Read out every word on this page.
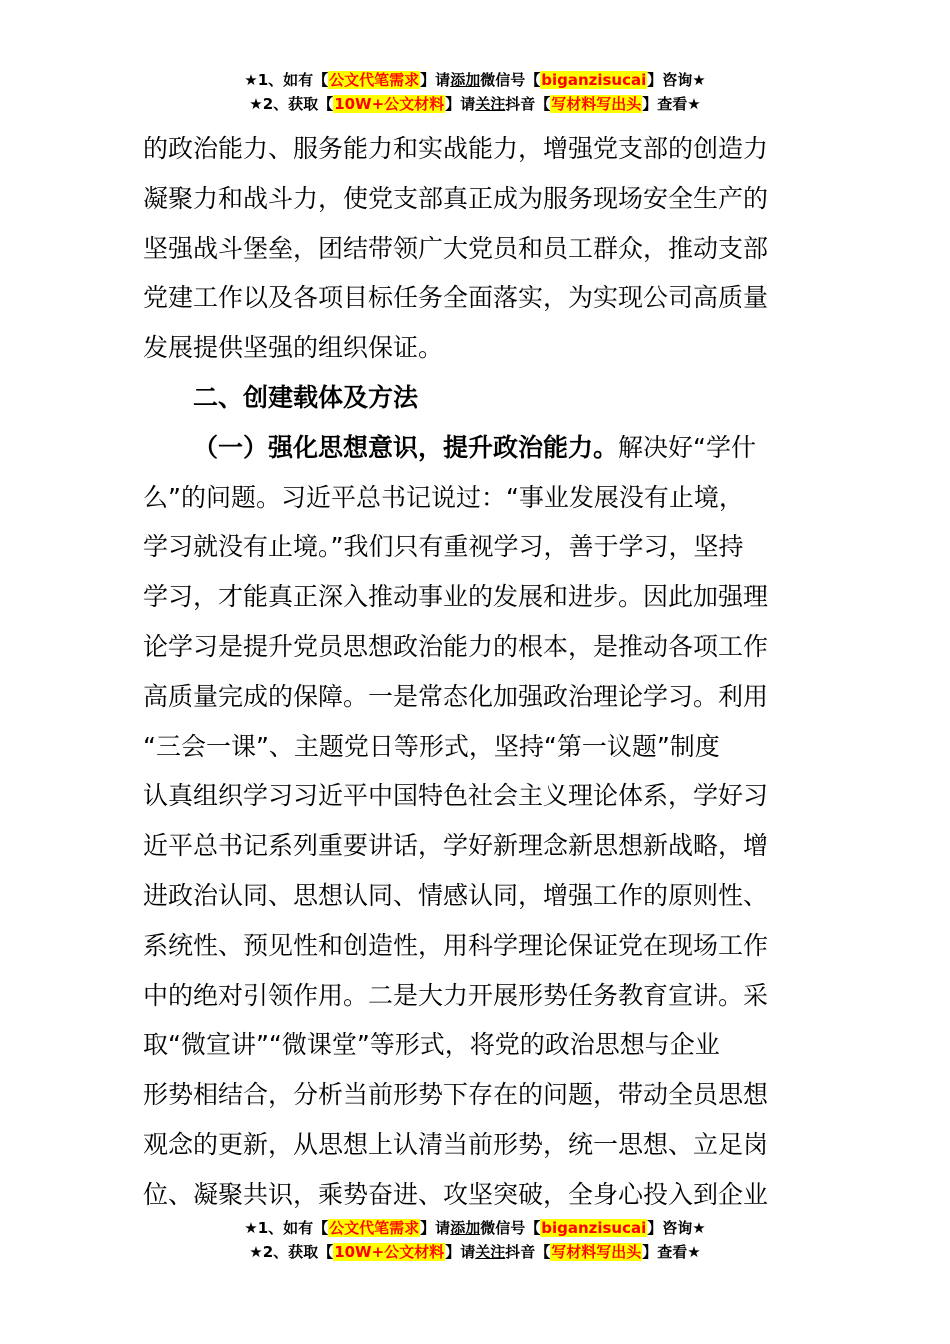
★1、如有【公文代笔需求】请添加微信号【biganzisucai】咨询★
★2、获取【10W+公文材料】请关注抖音【写材料写出头】查看★
的政治能力、服务能力和实战能力，增强党支部的创造力
凝聚力和战斗力，使党支部真正成为服务现场安全生产的
坚强战斗堡垒，团结带领广大党员和员工群众，推动支部
党建工作以及各项目标任务全面落实，为实现公司高质量
发展提供坚强的组织保证。
二、创建载体及方法
（一）强化思想意识，提升政治能力。解决好“学什
么”的问题。习近平总书记说过：“事业发展没有止境，
学习就没有止境。”我们只有重视学习，善于学习，坚持
学习，才能真正深入推动事业的发展和进步。因此加强理
论学习是提升党员思想政治能力的根本，是推动各项工作
高质量完成的保障。一是常态化加强政治理论学习。利用
“三会一课”、主题党日等形式，坚持“第一议题”制度
认真组织学习习近平中国特色社会主义理论体系，学好习
近平总书记系列重要讲话，学好新理念新思想新战略，增
进政治认同、思想认同、情感认同，增强工作的原则性、
系统性、预见性和创造性，用科学理论保证党在现场工作
中的绝对引领作用。二是大力开展形势任务教育宣讲。采
取“微宣讲”“微课堂”等形式，将党的政治思想与企业
形势相结合，分析当前形势下存在的问题，带动全员思想
观念的更新，从思想上认清当前形势，统一思想、立足岗
位、凝聚共识，乘势奋进、攻坚突破，全身心投入到企业
★1、如有【公文代笔需求】请添加微信号【biganzisucai】咨询★
★2、获取【10W+公文材料】请关注抖音【写材料写出头】查看★
